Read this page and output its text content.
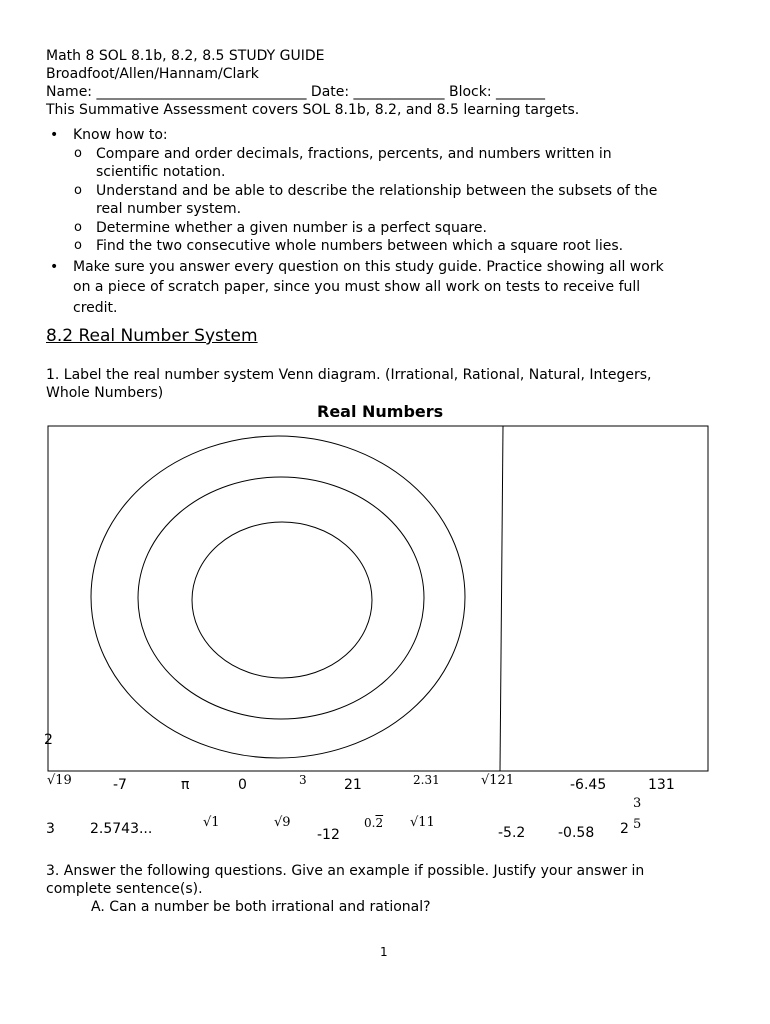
Math 8 SOL 8.1b, 8.2, 8.5 STUDY GUIDE
Broadfoot/Allen/Hannam/Clark
Name: ______________________________ Date: _____________ Block: _______
This Summative Assessment covers SOL 8.1b, 8.2, and 8.5 learning targets.
• Know how to:
o Compare and order decimals, fractions, percents, and numbers written in
scientific notation.
o Understand and be able to describe the relationship between the subsets of the
real number system.
o Determine whether a given number is a perfect square.
o Find the two consecutive whole numbers between which a square root lies.
• Make sure you answer every question on this study guide. Practice showing all work
on a piece of scratch paper, since you must show all work on tests to receive full
credit.
8.2 Real Number System
1. Label the real number system Venn diagram. (Irrational, Rational, Natural, Integers,
Whole Numbers)
Real Numbers
2
√19	-7	π	0	3	21	2.31	√121	-6.45	131
3	2.5743...	√1	√9
-12
0.2 √11
-5.2 -0.58 2
3
5
3. Answer the following questions. Give an example if possible. Justify your answer in
complete sentence(s).
A. Can a number be both irrational and rational?
1
